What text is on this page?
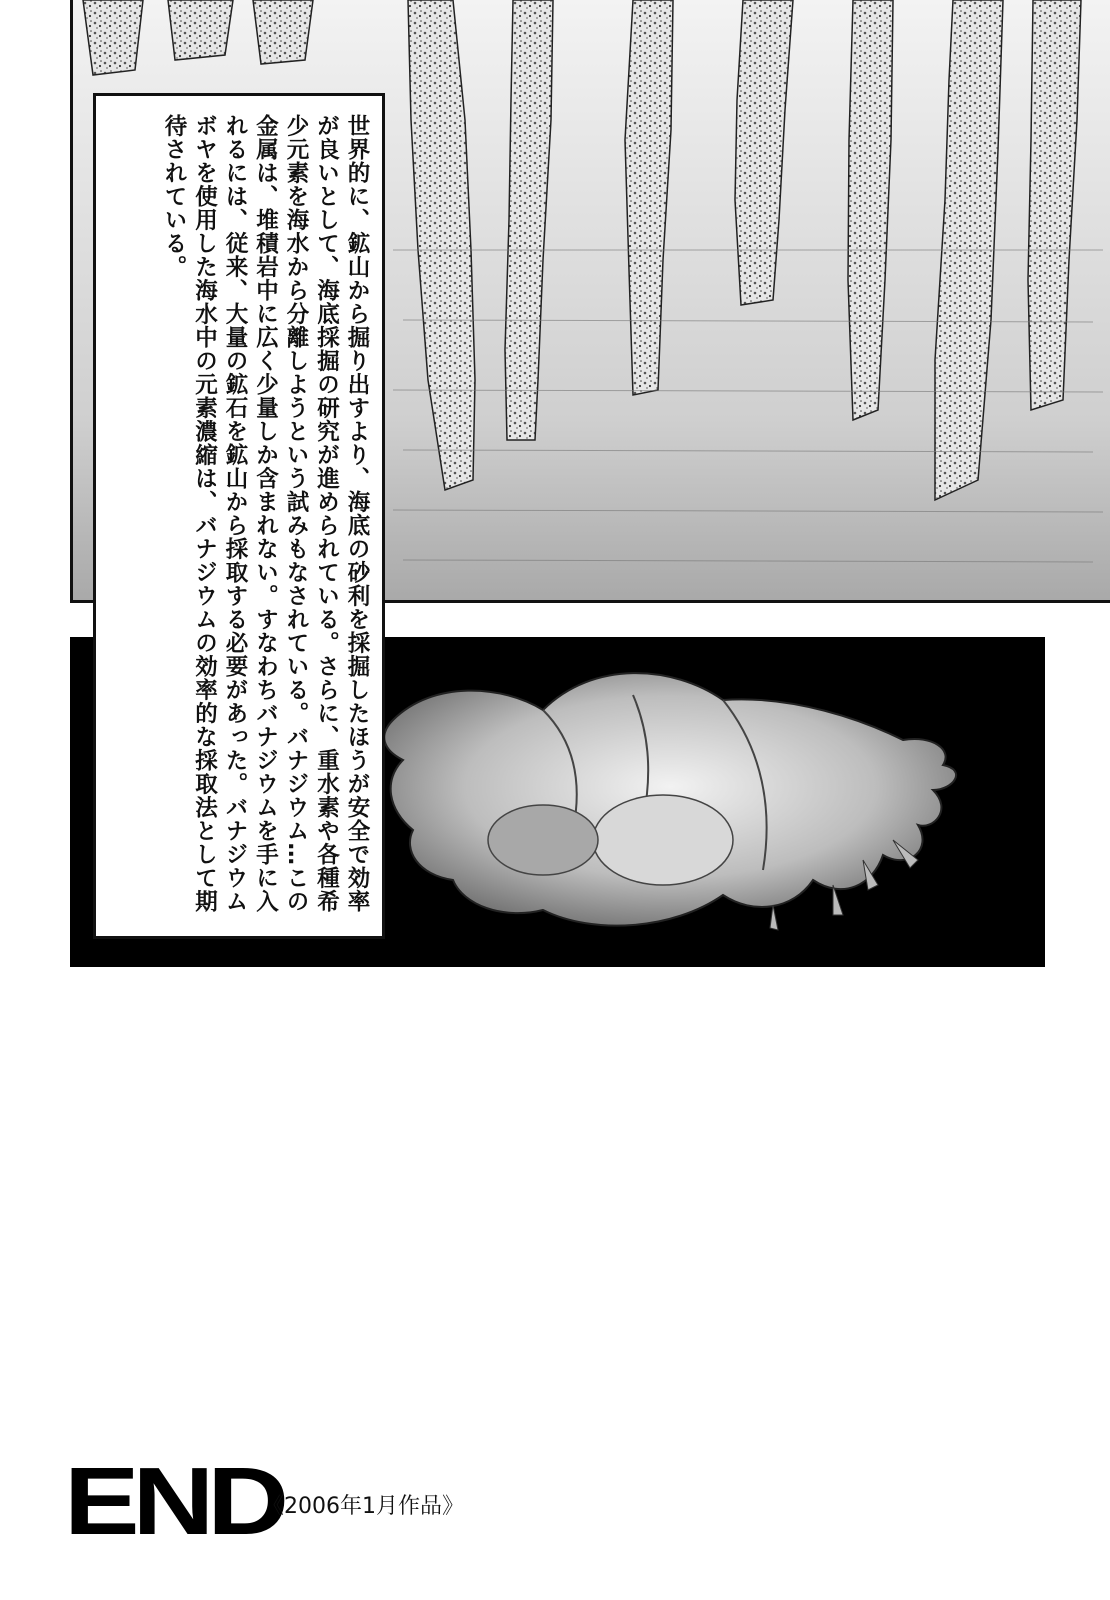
世界的に、鉱山から掘り出すより、海底の砂利を採掘したほうが安全で効率が良いとして、海底採掘の研究が進められている。さらに、重水素や各種希少元素を海水から分離しようという試みもなされている。バナジウム…この金属は、堆積岩中に広く少量しか含まれない。すなわちバナジウムを手に入れるには、従来、大量の鉱石を鉱山から採取する必要があった。バナジウムボヤを使用した海水中の元素濃縮は、バナジウムの効率的な採取法として期待されている。
END
《2006年1月作品》
